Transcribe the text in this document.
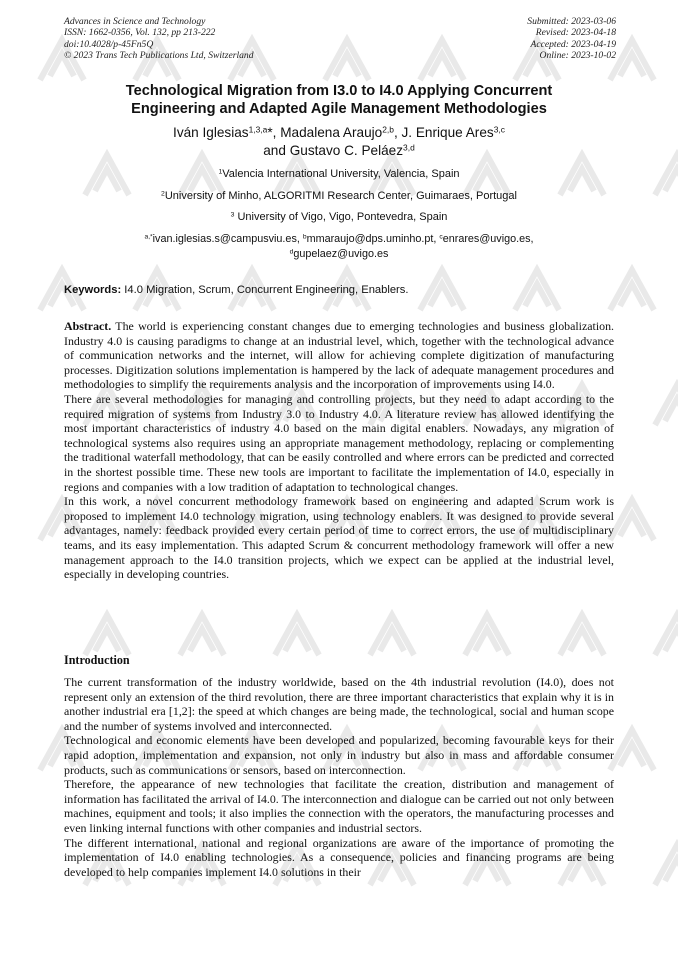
Advances in Science and Technology
ISSN: 1662-0356, Vol. 132, pp 213-222
doi:10.4028/p-45Fn5Q
© 2023 Trans Tech Publications Ltd, Switzerland
Submitted: 2023-03-06
Revised: 2023-04-18
Accepted: 2023-04-19
Online: 2023-10-02
Technological Migration from I3.0 to I4.0 Applying Concurrent
Engineering and Adapted Agile Management Methodologies
Iván Iglesias$^{1,3,a}$*, Madalena Araujo$^{2,b}$, J. Enrique Ares$^{3,c}$
and Gustavo C. Peláez$^{3,d}$
$^1$Valencia International University, Valencia, Spain
$^2$University of Minho, ALGORITMI Research Center, Guimaraes, Portugal
$^3$ University of Vigo, Vigo, Pontevedra, Spain
$^{a,*}$ivan.iglesias.s@campusviu.es, $^b$mmaraujo@dps.uminho.pt, $^c$enrares@uvigo.es,
$^d$gupelaez@uvigo.es
Keywords: I4.0 Migration, Scrum, Concurrent Engineering, Enablers.

Abstract. The world is experiencing constant changes due to emerging technologies and business globalization. Industry 4.0 is causing paradigms to change at an industrial level, which, together with the technological advance of communication networks and the internet, will allow for achieving complete digitization of manufacturing processes. Digitization solutions implementation is hampered by the lack of adequate management procedures and methodologies to simplify the requirements analysis and the incorporation of improvements using I4.0.

There are several methodologies for managing and controlling projects, but they need to adapt according to the required migration of systems from Industry 3.0 to Industry 4.0. A literature review has allowed identifying the most important characteristics of industry 4.0 based on the main digital enablers. Nowadays, any migration of technological systems also requires using an appropriate management methodology, replacing or complementing the traditional waterfall methodology, that can be easily controlled and where errors can be predicted and corrected in the shortest possible time. These new tools are important to facilitate the implementation of I4.0, especially in regions and companies with a low tradition of adaptation to technological changes.

In this work, a novel concurrent methodology framework based on engineering and adapted Scrum work is proposed to implement I4.0 technology migration, using technology enablers. It was designed to provide several advantages, namely: feedback provided every certain period of time to correct errors, the use of multidisciplinary teams, and its easy implementation. This adapted Scrum & concurrent methodology framework will offer a new management approach to the I4.0 transition projects, which we expect can be applied at the industrial level, especially in developing countries.

Introduction

The current transformation of the industry worldwide, based on the 4th industrial revolution (I4.0), does not represent only an extension of the third revolution, there are three important characteristics that explain why it is in another industrial era [1,2]: the speed at which changes are being made, the technological, social and human scope and the number of systems involved and interconnected.

Technological and economic elements have been developed and popularized, becoming favourable keys for their rapid adoption, implementation and expansion, not only in industry but also in mass and affordable consumer products, such as communications or sensors, based on interconnection.

Therefore, the appearance of new technologies that facilitate the creation, distribution and management of information has facilitated the arrival of I4.0. The interconnection and dialogue can be carried out not only between machines, equipment and tools; it also implies the connection with the operators, the manufacturing processes and even linking internal functions with other companies and industrial sectors.

The different international, national and regional organizations are aware of the importance of promoting the implementation of I4.0 enabling technologies. As a consequence, policies and financing programs are being developed to help companies implement I4.0 solutions in their
